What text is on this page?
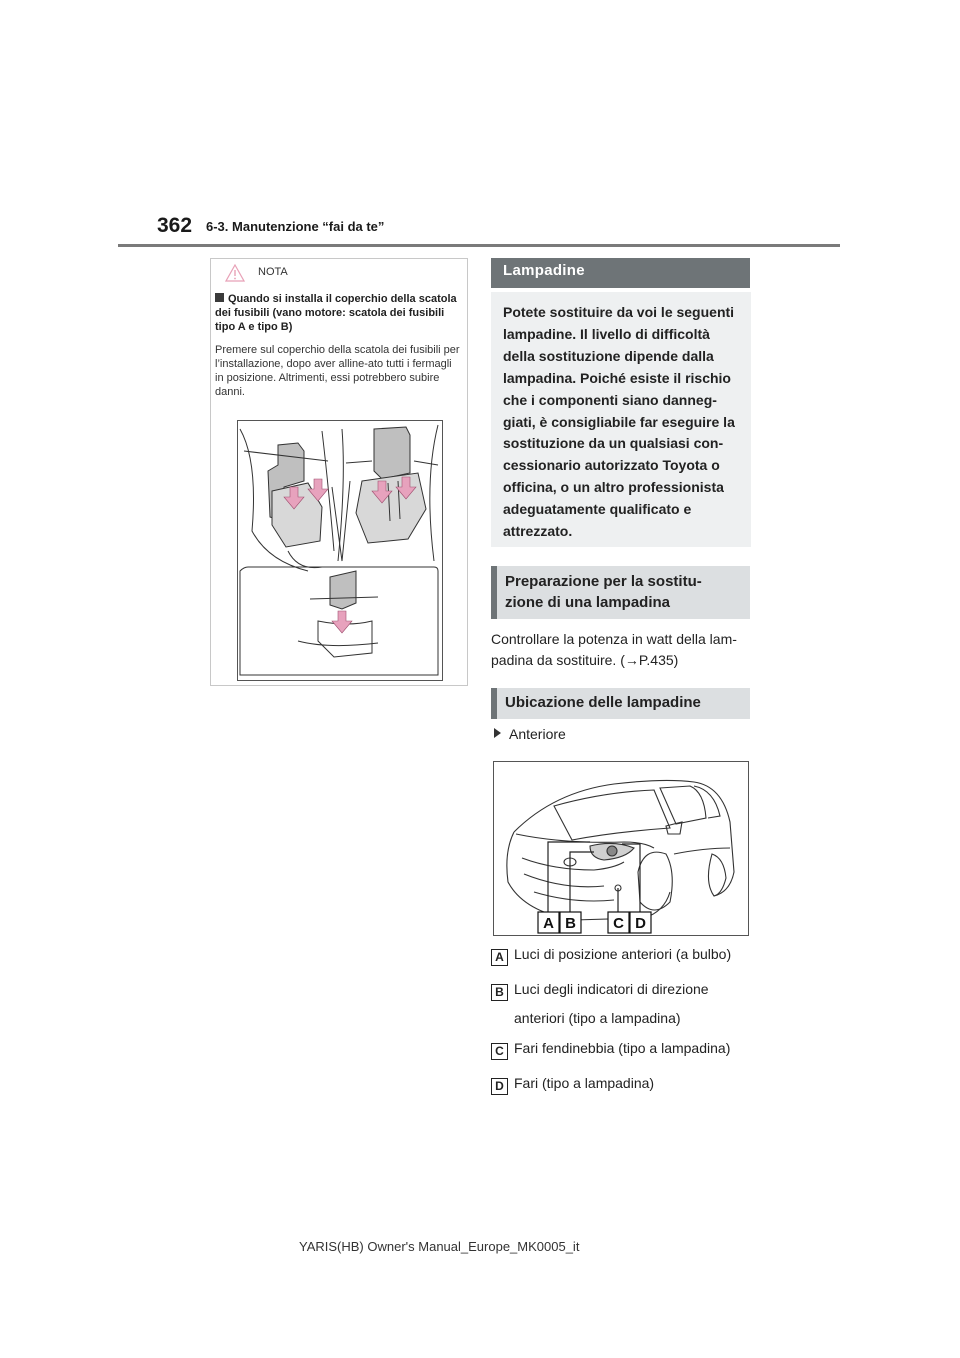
362 6-3. Manutenzione “fai da te”
NOTA
Quando si installa il coperchio della scatola dei fusibili (vano motore: scatola dei fusibili tipo A e tipo B)
Premere sul coperchio della scatola dei fusibili per l’installazione, dopo aver alline-ato tutti i fermagli in posizione. Altrimenti, essi potrebbero subire danni.
Lampadine

Potete sostituire da voi le seguenti

lampadine. Il livello di difficoltà

della sostituzione dipende dalla

lampadina. Poiché esiste il rischio

che i componenti siano danneg-

giati, è consigliabile far eseguire la

sostituzione da un qualsiasi con-

cessionario autorizzato Toyota o

officina, o un altro professionista

adeguatamente qualificato e

attrezzato.

Preparazione per la sostitu-
zione di una lampadina
Controllare la potenza in watt della lam-
padina da sostituire. (→P.435)
Ubicazione delle lampadine
Anteriore
A B C D
A Luci di posizione anteriori (a bulbo)
B Luci degli indicatori di direzione
anteriori (tipo a lampadina)
C Fari fendinebbia (tipo a lampadina)
D Fari (tipo a lampadina)
YARIS(HB) Owner's Manual_Europe_MK0005_it
